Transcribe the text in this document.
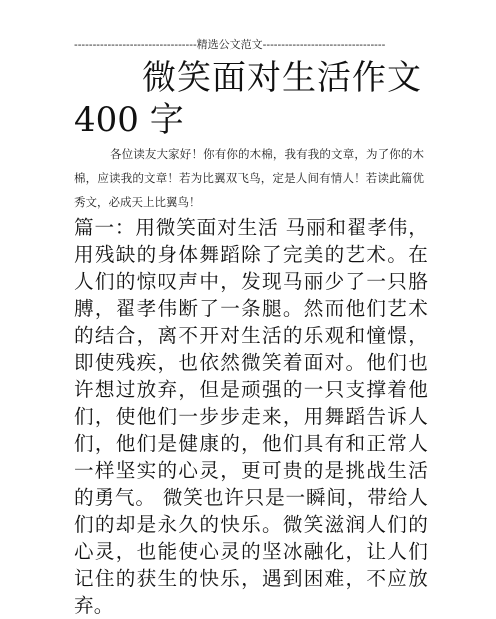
---------------------------------精选公文范文---------------------------------
微笑面对生活作文
400 字
各位读友大家好！你有你的木棉，我有我的文章，为了你的木棉，应读我的文章！若为比翼双飞鸟，定是人间有情人！若读此篇优秀文，必成天上比翼鸟！
篇一：用微笑面对生活 马丽和翟孝伟，用残缺的身体舞蹈除了完美的艺术。在人们的惊叹声中，发现马丽少了一只胳膊，翟孝伟断了一条腿。然而他们艺术的结合，离不开对生活的乐观和憧憬，即使残疾，也依然微笑着面对。他们也许想过放弃，但是顽强的一只支撑着他们，使他们一步步走来，用舞蹈告诉人们，他们是健康的，他们具有和正常人一样坚实的心灵，更可贵的是挑战生活的勇气。 微笑也许只是一瞬间，带给人们的却是永久的快乐。微笑滋润人们的心灵，也能使心灵的坚冰融化，让人们记住的获生的快乐，遇到困难，不应放弃。
